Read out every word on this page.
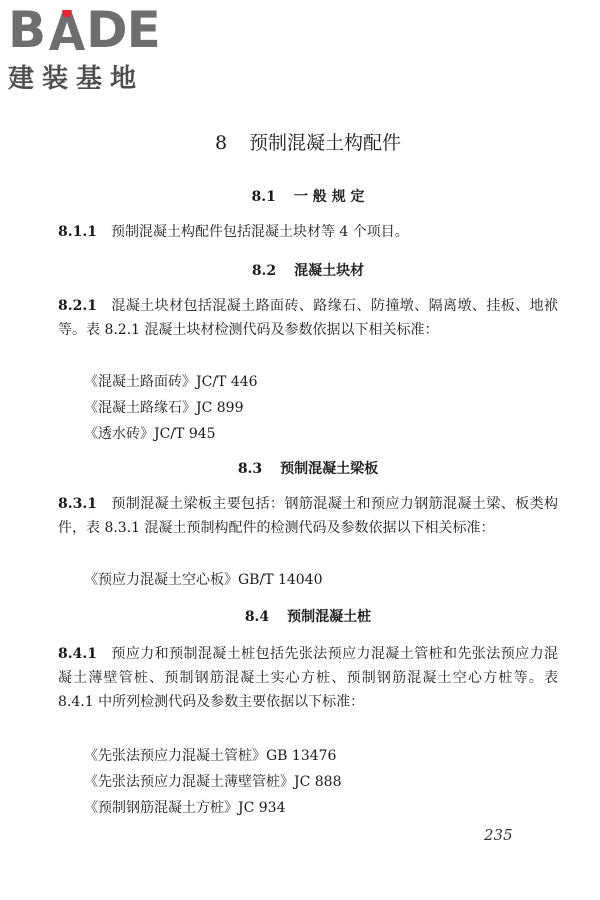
B DE
建装基地
8 预制混凝土构配件
8.1 一 般 规 定
8.1.1 预制混凝土构配件包括混凝土块材等 4 个项目。
8.2 混凝土块材
8.2.1 混凝土块材包括混凝土路面砖、路缘石、防撞墩、隔离墩、挂板、地袱等。表 8.2.1 混凝土块材检测代码及参数依据以下相关标准：
《混凝土路面砖》JC/T 446
《混凝土路缘石》JC 899
《透水砖》JC/T 945
8.3 预制混凝土梁板
8.3.1 预制混凝土梁板主要包括：钢筋混凝土和预应力钢筋混凝土梁、板类构件，表 8.3.1 混凝土预制构配件的检测代码及参数依据以下相关标准：
《预应力混凝土空心板》GB/T 14040
8.4 预制混凝土桩
8.4.1 预应力和预制混凝土桩包括先张法预应力混凝土管桩和先张法预应力混凝土薄壁管桩、预制钢筋混凝土实心方桩、预制钢筋混凝土空心方桩等。表 8.4.1 中所列检测代码及参数主要依据以下标准：
《先张法预应力混凝土管桩》GB 13476
《先张法预应力混凝土薄壁管桩》JC 888
《预制钢筋混凝土方桩》JC 934
235
